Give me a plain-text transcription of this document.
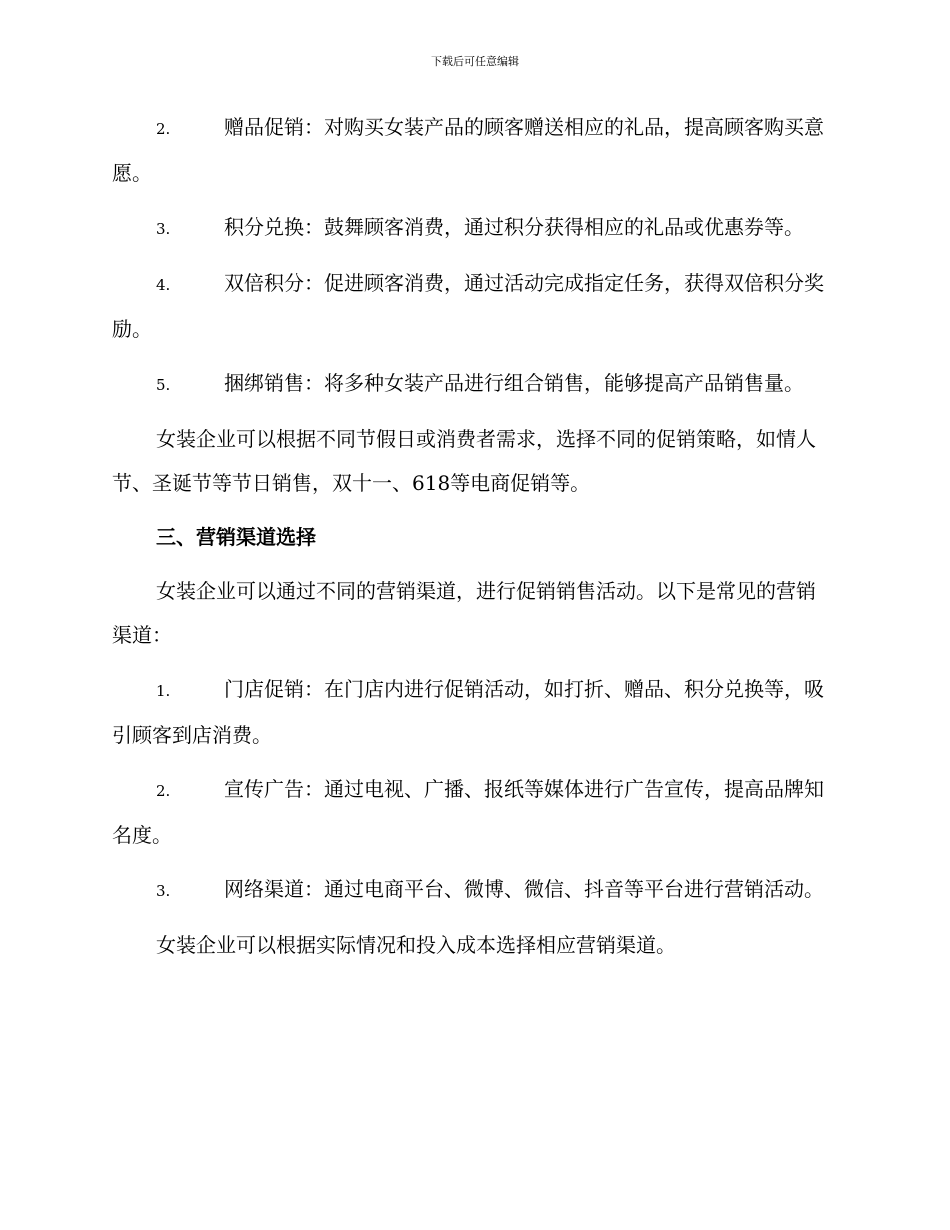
下载后可任意编辑

2.	赠品促销：对购买女装产品的顾客赠送相应的礼品，提高顾客购买意愿。

3.	积分兑换：鼓舞顾客消费，通过积分获得相应的礼品或优惠券等。

4.	双倍积分：促进顾客消费，通过活动完成指定任务，获得双倍积分奖励。

5.	捆绑销售：将多种女装产品进行组合销售，能够提高产品销售量。

女装企业可以根据不同节假日或消费者需求，选择不同的促销策略，如情人节、圣诞节等节日销售，双十一、618等电商促销等。

三、营销渠道选择

女装企业可以通过不同的营销渠道，进行促销销售活动。以下是常见的营销渠道：

1.	门店促销：在门店内进行促销活动，如打折、赠品、积分兑换等，吸引顾客到店消费。

2.	宣传广告：通过电视、广播、报纸等媒体进行广告宣传，提高品牌知名度。

3.	网络渠道：通过电商平台、微博、微信、抖音等平台进行营销活动。

女装企业可以根据实际情况和投入成本选择相应营销渠道。
